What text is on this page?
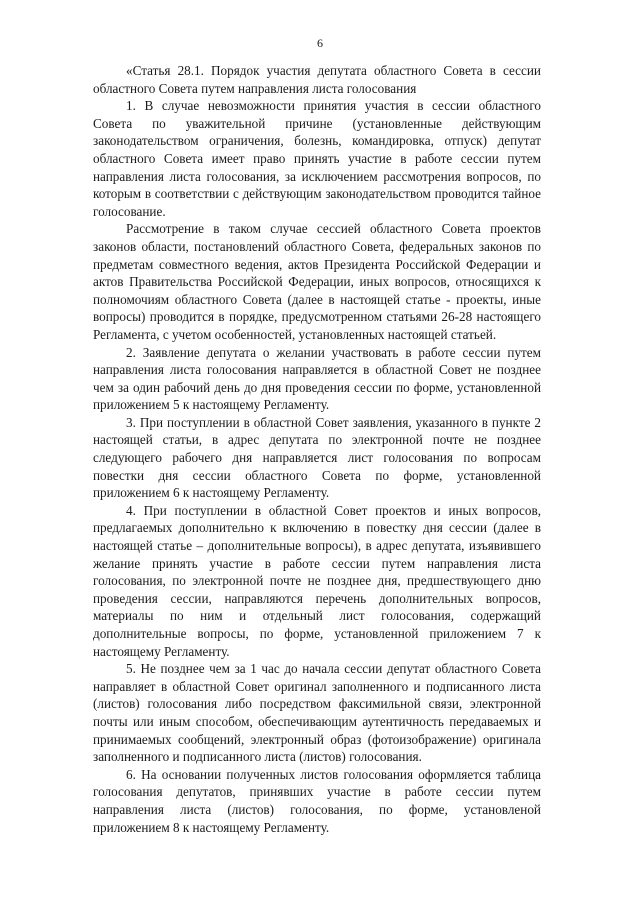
6

«Статья 28.1. Порядок участия депутата областного Совета в сессии областного Совета путем направления листа голосования

1. В случае невозможности принятия участия в сессии областного Совета по уважительной причине (установленные действующим законодательством ограничения, болезнь, командировка, отпуск) депутат областного Совета имеет право принять участие в работе сессии путем направления листа голосования, за исключением рассмотрения вопросов, по которым в соответствии с действующим законодательством проводится тайное голосование.

Рассмотрение в таком случае сессией областного Совета проектов законов области, постановлений областного Совета, федеральных законов по предметам совместного ведения, актов Президента Российской Федерации и актов Правительства Российской Федерации, иных вопросов, относящихся к полномочиям областного Совета (далее в настоящей статье - проекты, иные вопросы) проводится в порядке, предусмотренном статьями 26-28 настоящего Регламента, с учетом особенностей, установленных настоящей статьей.

2. Заявление депутата о желании участвовать в работе сессии путем направления листа голосования направляется в областной Совет не позднее чем за один рабочий день до дня проведения сессии по форме, установленной приложением 5 к настоящему Регламенту.

3. При поступлении в областной Совет заявления, указанного в пункте 2 настоящей статьи, в адрес депутата по электронной почте не позднее следующего рабочего дня направляется лист голосования по вопросам повестки дня сессии областного Совета по форме, установленной приложением 6 к настоящему Регламенту.

4. При поступлении в областной Совет проектов и иных вопросов, предлагаемых дополнительно к включению в повестку дня сессии (далее в настоящей статье – дополнительные вопросы), в адрес депутата, изъявившего желание принять участие в работе сессии путем направления листа голосования, по электронной почте не позднее дня, предшествующего дню проведения сессии, направляются перечень дополнительных вопросов, материалы по ним и отдельный лист голосования, содержащий дополнительные вопросы, по форме, установленной приложением 7 к настоящему Регламенту.

5. Не позднее чем за 1 час до начала сессии депутат областного Совета направляет в областной Совет оригинал заполненного и подписанного листа (листов) голосования либо посредством факсимильной связи, электронной почты или иным способом, обеспечивающим аутентичность передаваемых и принимаемых сообщений, электронный образ (фотоизображение) оригинала заполненного и подписанного листа (листов) голосования.

6. На основании полученных листов голосования оформляется таблица голосования депутатов, принявших участие в работе сессии путем направления листа (листов) голосования, по форме, установленой приложением 8 к настоящему Регламенту.
